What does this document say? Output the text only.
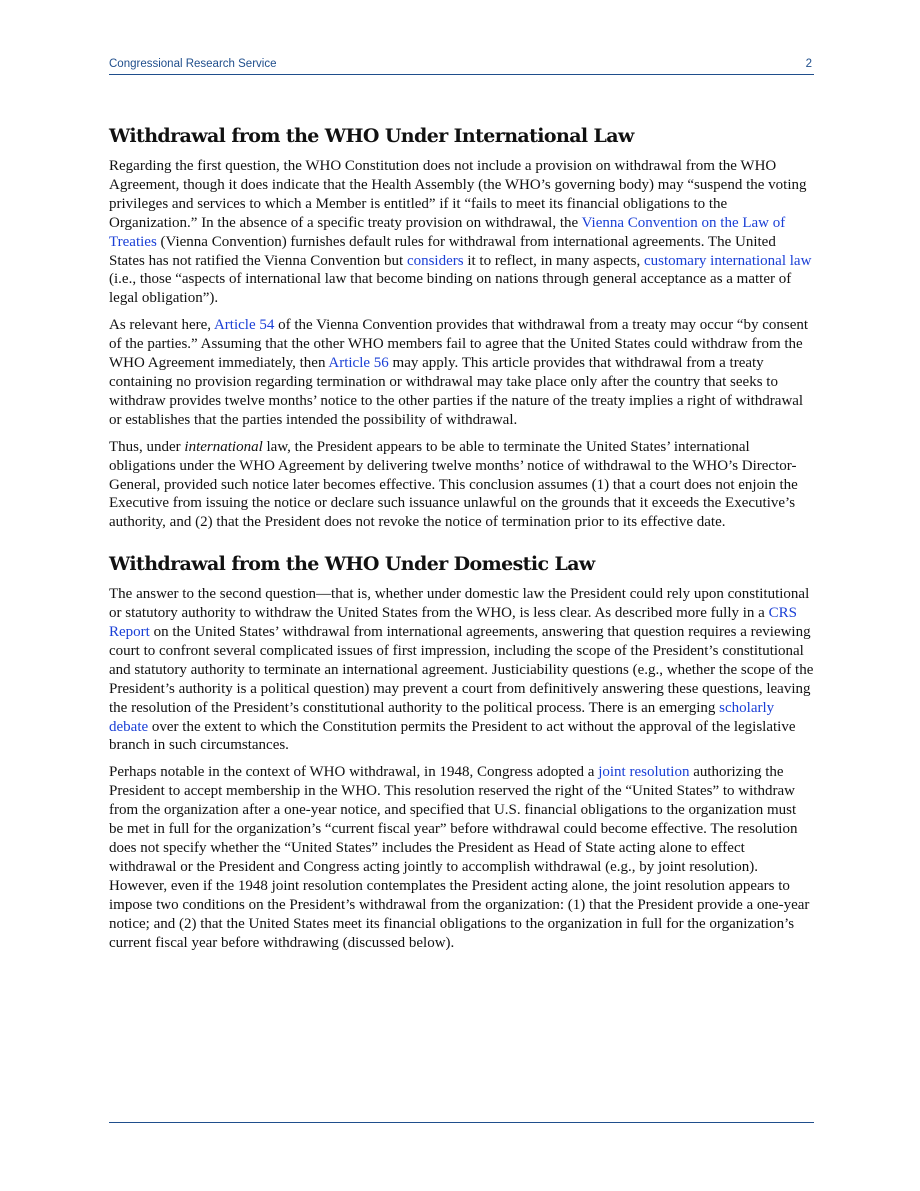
Congressional Research Service	2
Withdrawal from the WHO Under International Law

Regarding the first question, the WHO Constitution does not include a provision on withdrawal from the WHO Agreement, though it does indicate that the Health Assembly (the WHO’s governing body) may “suspend the voting privileges and services to which a Member is entitled” if it “fails to meet its financial obligations to the Organization.” In the absence of a specific treaty provision on withdrawal, the Vienna Convention on the Law of Treaties (Vienna Convention) furnishes default rules for withdrawal from international agreements. The United States has not ratified the Vienna Convention but considers it to reflect, in many aspects, customary international law (i.e., those “aspects of international law that become binding on nations through general acceptance as a matter of legal obligation”).

As relevant here, Article 54 of the Vienna Convention provides that withdrawal from a treaty may occur “by consent of the parties.” Assuming that the other WHO members fail to agree that the United States could withdraw from the WHO Agreement immediately, then Article 56 may apply. This article provides that withdrawal from a treaty containing no provision regarding termination or withdrawal may take place only after the country that seeks to withdraw provides twelve months’ notice to the other parties if the nature of the treaty implies a right of withdrawal or establishes that the parties intended the possibility of withdrawal.

Thus, under international law, the President appears to be able to terminate the United States’ international obligations under the WHO Agreement by delivering twelve months’ notice of withdrawal to the WHO’s Director-General, provided such notice later becomes effective. This conclusion assumes (1) that a court does not enjoin the Executive from issuing the notice or declare such issuance unlawful on the grounds that it exceeds the Executive’s authority, and (2) that the President does not revoke the notice of termination prior to its effective date.

Withdrawal from the WHO Under Domestic Law

The answer to the second question—that is, whether under domestic law the President could rely upon constitutional or statutory authority to withdraw the United States from the WHO, is less clear. As described more fully in a CRS Report on the United States’ withdrawal from international agreements, answering that question requires a reviewing court to confront several complicated issues of first impression, including the scope of the President’s constitutional and statutory authority to terminate an international agreement. Justiciability questions (e.g., whether the scope of the President’s authority is a political question) may prevent a court from definitively answering these questions, leaving the resolution of the President’s constitutional authority to the political process. There is an emerging scholarly debate over the extent to which the Constitution permits the President to act without the approval of the legislative branch in such circumstances.

Perhaps notable in the context of WHO withdrawal, in 1948, Congress adopted a joint resolution authorizing the President to accept membership in the WHO. This resolution reserved the right of the “United States” to withdraw from the organization after a one-year notice, and specified that U.S. financial obligations to the organization must be met in full for the organization’s “current fiscal year” before withdrawal could become effective. The resolution does not specify whether the “United States” includes the President as Head of State acting alone to effect withdrawal or the President and Congress acting jointly to accomplish withdrawal (e.g., by joint resolution). However, even if the 1948 joint resolution contemplates the President acting alone, the joint resolution appears to impose two conditions on the President’s withdrawal from the organization: (1) that the President provide a one-year notice; and (2) that the United States meet its financial obligations to the organization in full for the organization’s current fiscal year before withdrawing (discussed below).
